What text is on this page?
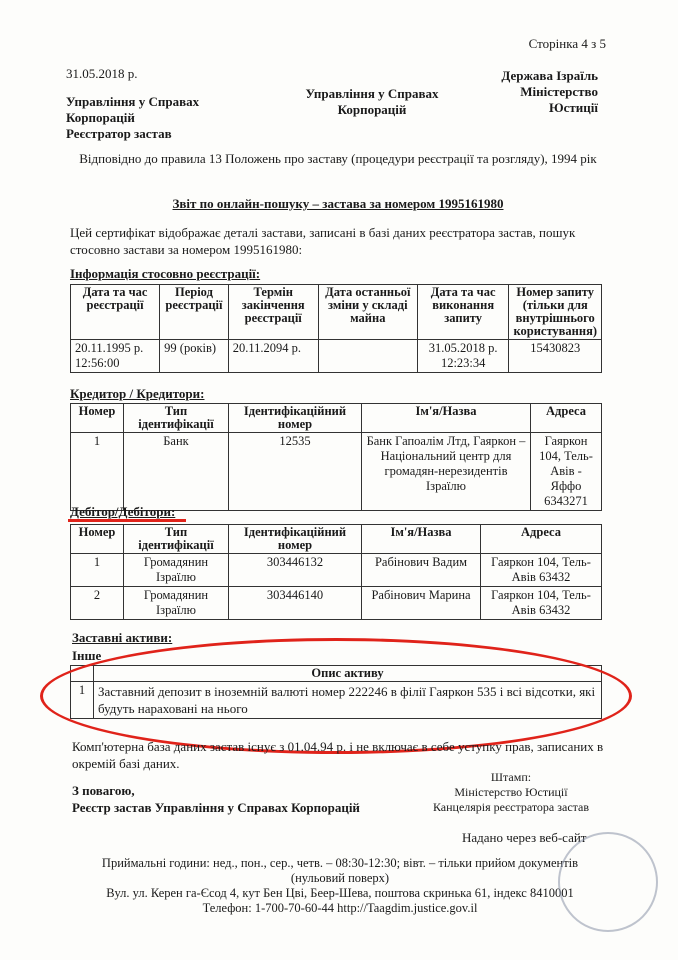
Сторінка 4 з 5
31.05.2018 р.
Управління у Справах
Корпорацій
Реєстратор застав
Управління у Справах
Корпорацій
Держава Ізраїль
Міністерство
Юстиції
Відповідно до правила 13 Положень про заставу (процедури реєстрації та розгляду), 1994 рік
Звіт по онлайн-пошуку – застава за номером 1995161980
Цей сертифікат відображає деталі застави, записані в базі даних реєстратора застав, пошук стосовно застави за номером 1995161980:
Інформація стосовно реєстрації:
Дата та час реєстрації	Період реєстрації	Термін закінчення реєстрації	Дата останньої зміни у складі майна	Дата та час виконання запиту	Номер запиту (тільки для внутрішнього користування)
20.11.1995 р. 12:56:00	99 (років)	20.11.2094 р.		31.05.2018 р. 12:23:34	15430823
Кредитор / Кредитори:
Номер	Тип ідентифікації	Ідентифікаційний номер	Ім'я/Назва	Адреса
1	Банк	12535	Банк Гапоалім Лтд, Гаяркон –Національний центр для громадян-нерезидентів Ізраїлю	Гаяркон 104, Тель-Авів - Яффо 6343271
Дебітор/Дебітори:
Номер	Тип ідентифікації	Ідентифікаційний номер	Ім'я/Назва	Адреса
1	Громадянин Ізраїлю	303446132	Рабінович Вадим	Гаяркон 104, Тель-Авів 63432
2	Громадянин Ізраїлю	303446140	Рабінович Марина	Гаяркон 104, Тель-Авів 63432
Заставні активи:
Інше
	Опис активу
1	Заставний депозит в іноземній валюті номер 222246 в філії Гаяркон 535 і всі відсотки, які будуть нараховані на нього
Комп'ютерна база даних застав існує з 01.04.94 р. і не включає в себе уступку прав, записаних в окремій базі даних.
З повагою,
Реєстр застав Управління у Справах Корпорацій
Штамп:
Міністерство Юстиції
Канцелярія реєстратора застав
Надано через веб-сайт
Приймальні години: нед., пон., сер., четв. – 08:30-12:30; вівт. – тільки прийом документів
(нульовий поверх)
Вул. ул. Керен га-Єсод 4, кут Бен Цві, Беер-Шева, поштова скринька 61, індекс 8410001
Телефон: 1-700-70-60-44 http://Taagdim.justice.gov.il
